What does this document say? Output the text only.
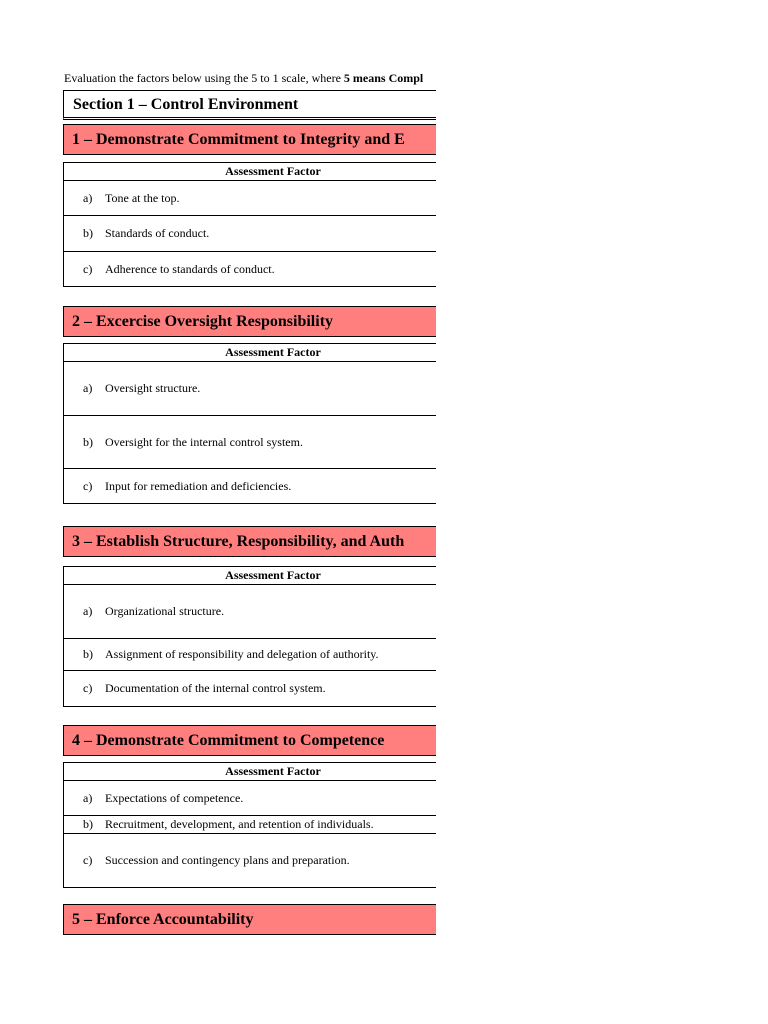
Evaluation the factors below using the 5 to 1 scale, where 5 means Compl
Section 1 – Control Environment
1 – Demonstrate Commitment to Integrity and E
Assessment Factor

a)	Tone at the top.

b)	Standards of conduct.

c)	Adherence to standards of conduct.
2 – Excercise Oversight Responsibility
Assessment Factor

a)	Oversight structure.

b)	Oversight for the internal control system.

c)	Input for remediation and deficiencies.
3 – Establish Structure, Responsibility, and Auth
Assessment Factor

a)	Organizational structure.

b)	Assignment of responsibility and delegation of authority.

c)	Documentation of the internal control system.
4 – Demonstrate Commitment to Competence
Assessment Factor

a)	Expectations of competence.

b)	Recruitment, development, and retention of individuals.

c)	Succession and contingency plans and preparation.
5 – Enforce Accountability
